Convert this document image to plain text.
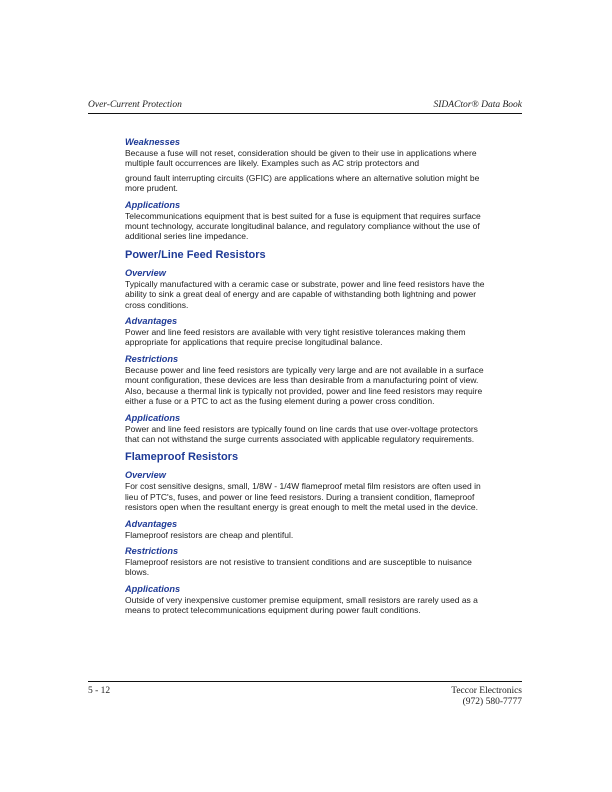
Over-Current Protection	SIDACtor® Data Book
Weaknesses

Because a fuse will not reset, consideration should be given to their use in applications where multiple fault occurrences are likely. Examples such as AC strip protectors and

ground fault interrupting circuits (GFIC) are applications where an alternative solution might be more prudent.

Applications

Telecommunications equipment that is best suited for a fuse is equipment that requires surface mount technology, accurate longitudinal balance, and regulatory compliance without the use of additional series line impedance.

Power/Line Feed Resistors
Overview

Typically manufactured with a ceramic case or substrate, power and line feed resistors have the ability to sink a great deal of energy and are capable of withstanding both lightning and power cross conditions.

Advantages

Power and line feed resistors are available with very tight resistive tolerances making them appropriate for applications that require precise longitudinal balance.

Restrictions

Because power and line feed resistors are typically very large and are not available in a surface mount configuration, these devices are less than desirable from a manufacturing point of view. Also, because a thermal link is typically not provided, power and line feed resistors may require either a fuse or a PTC to act as the fusing element during a power cross condition.

Applications

Power and line feed resistors are typically found on line cards that use over-voltage protectors that can not withstand the surge currents associated with applicable regulatory requirements.

Flameproof Resistors
Overview

For cost sensitive designs, small, 1/8W - 1/4W flameproof metal film resistors are often used in lieu of PTC's, fuses, and power or line feed resistors. During a transient condition, flameproof resistors open when the resultant energy is great enough to melt the metal used in the device.

Advantages

Flameproof resistors are cheap and plentiful.

Restrictions

Flameproof resistors are not resistive to transient conditions and are susceptible to nuisance blows.

Applications

Outside of very inexpensive customer premise equipment, small resistors are rarely used as a means to protect telecommunications equipment during power fault conditions.

5 - 12	Teccor Electronics
(972) 580-7777
